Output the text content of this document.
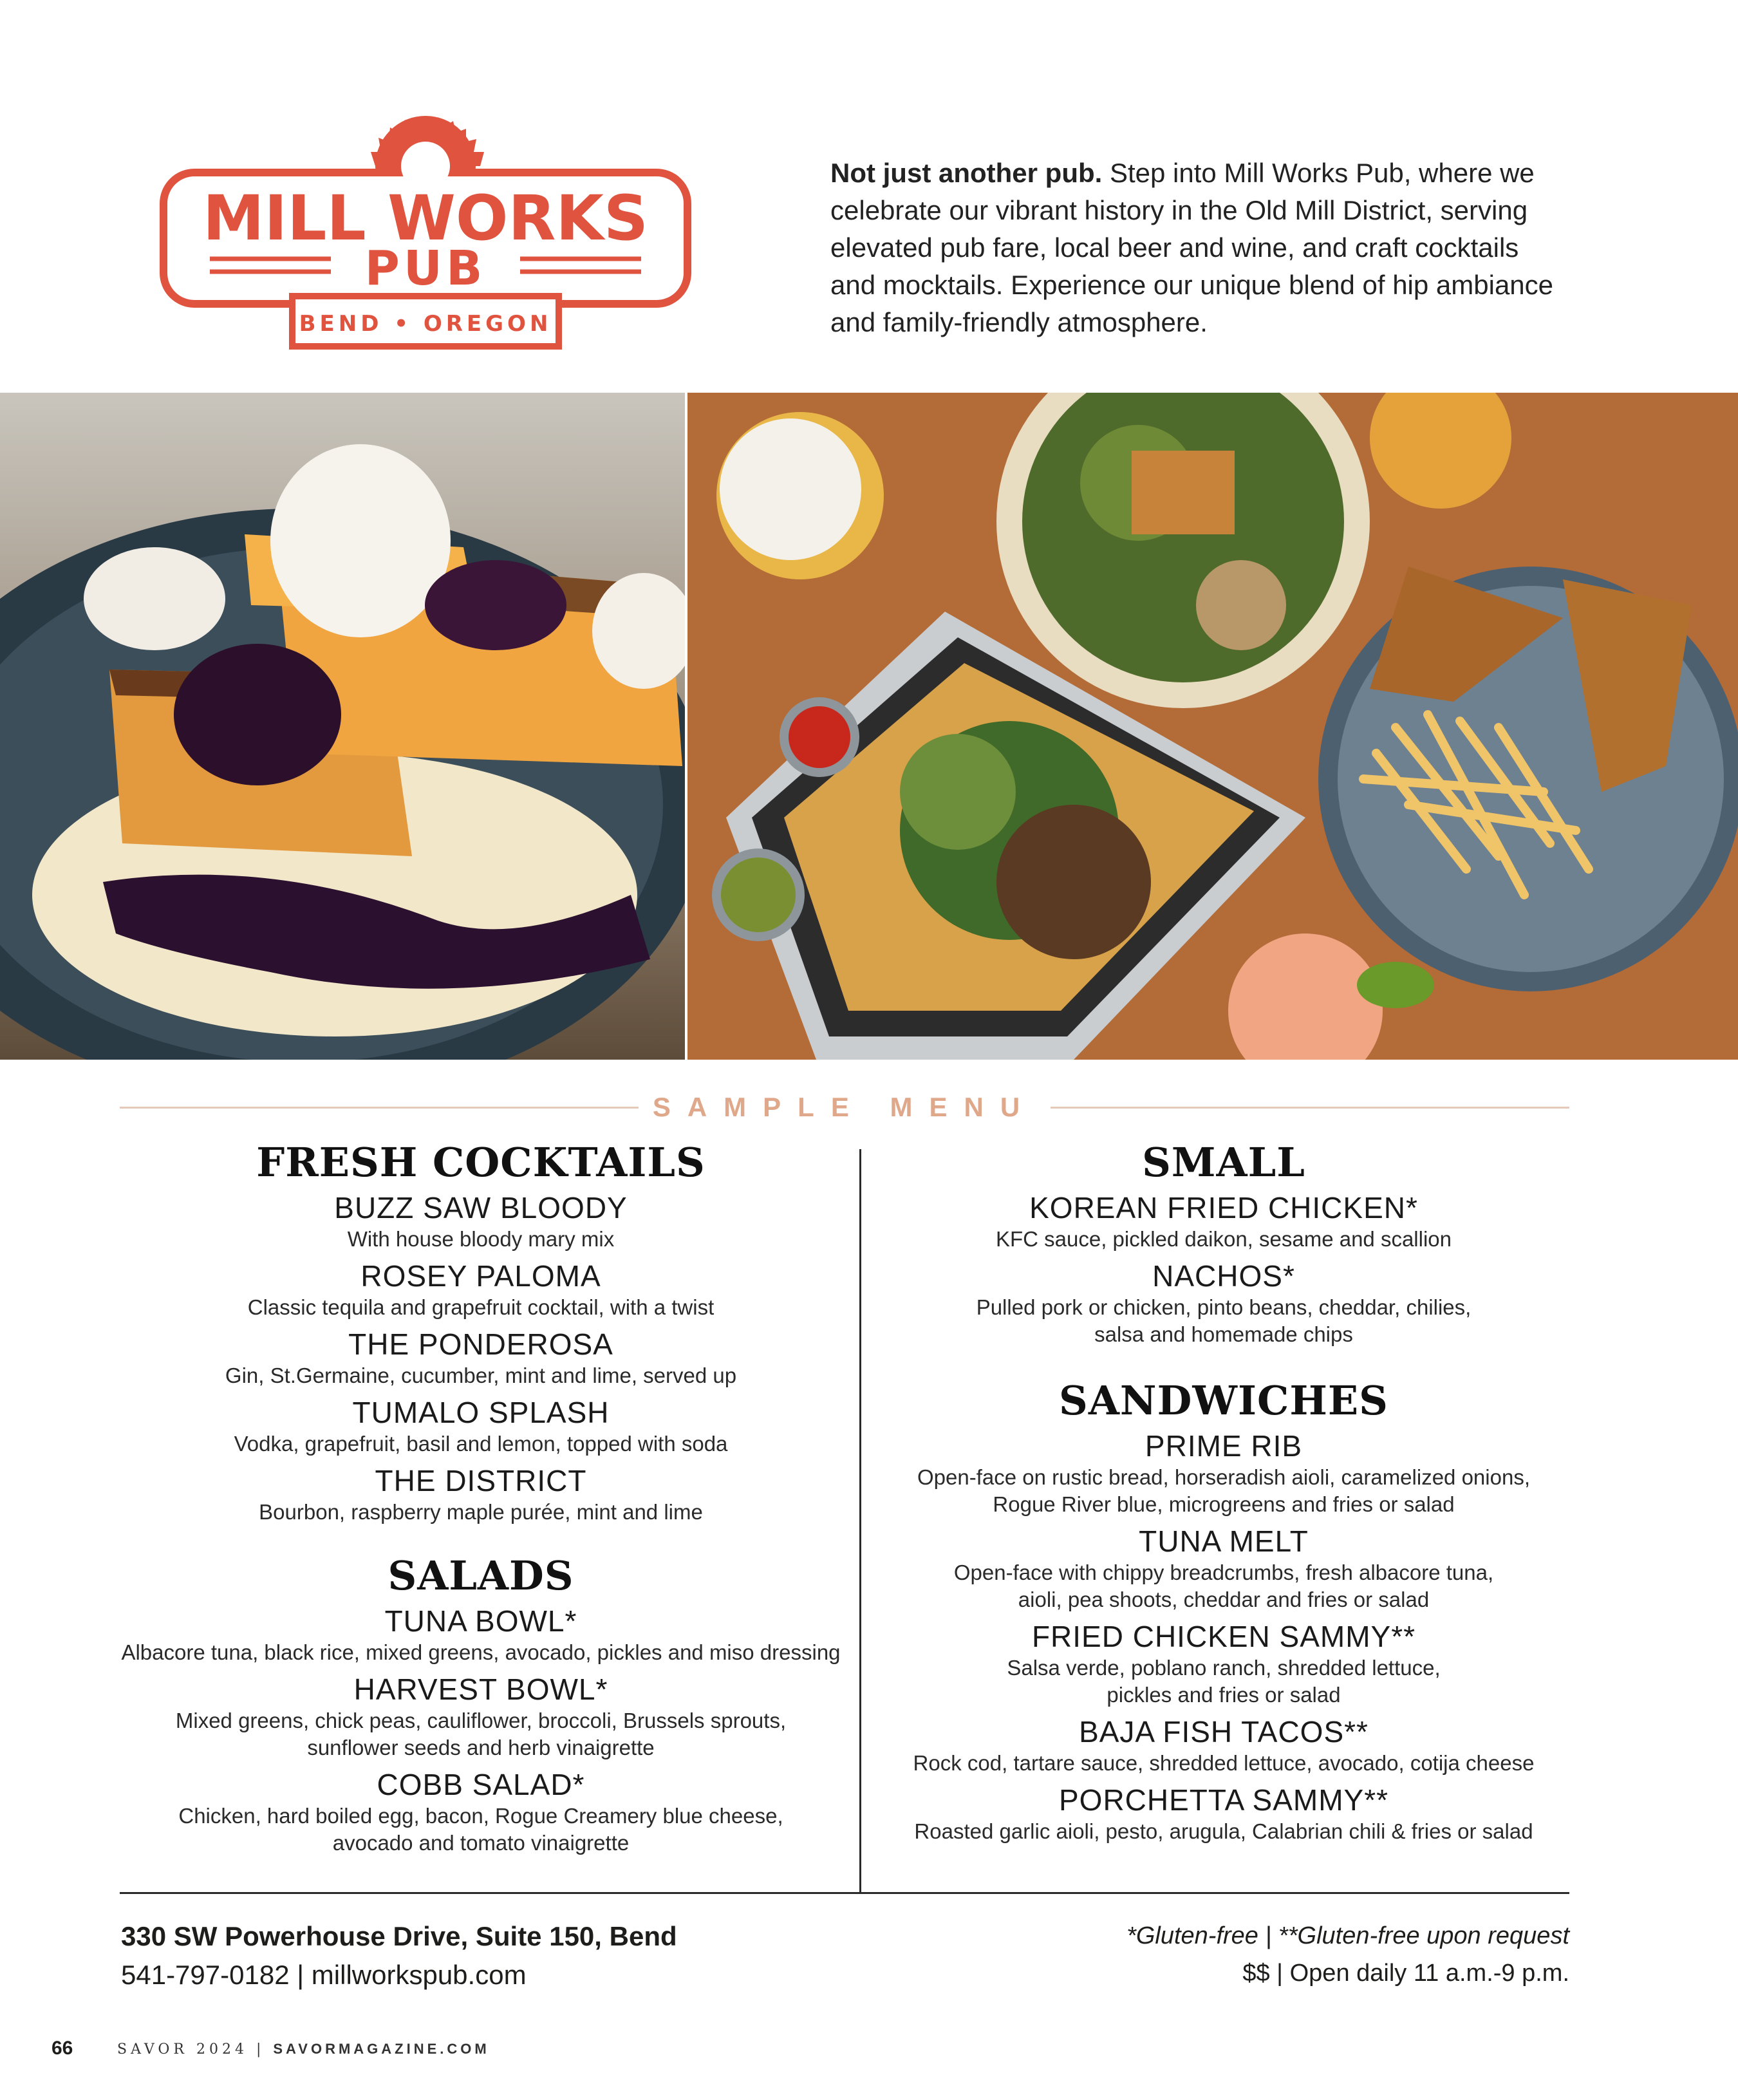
MILL WORKS
PUB
BEND • OREGON

Not just another pub. Step into Mill Works Pub, where we celebrate our vibrant history in the Old Mill District, serving elevated pub fare, local beer and wine, and craft cocktails and mocktails. Experience our unique blend of hip ambiance and family-friendly atmosphere.

SAMPLE MENU
FRESH COCKTAILS
BUZZ SAW BLOODY
With house bloody mary mix
ROSEY PALOMA
Classic tequila and grapefruit cocktail, with a twist
THE PONDEROSA
Gin, St.Germaine, cucumber, mint and lime, served up
TUMALO SPLASH
Vodka, grapefruit, basil and lemon, topped with soda
THE DISTRICT
Bourbon, raspberry maple purée, mint and lime
SALADS
TUNA BOWL*
Albacore tuna, black rice, mixed greens, avocado, pickles and miso dressing
HARVEST BOWL*
Mixed greens, chick peas, cauliflower, broccoli, Brussels sprouts,
sunflower seeds and herb vinaigrette
COBB SALAD*
Chicken, hard boiled egg, bacon, Rogue Creamery blue cheese,
avocado and tomato vinaigrette
SMALL
KOREAN FRIED CHICKEN*
KFC sauce, pickled daikon, sesame and scallion
NACHOS*
Pulled pork or chicken, pinto beans, cheddar, chilies,
salsa and homemade chips
SANDWICHES
PRIME RIB
Open-face on rustic bread, horseradish aioli, caramelized onions,
Rogue River blue, microgreens and fries or salad
TUNA MELT
Open-face with chippy breadcrumbs, fresh albacore tuna,
aioli, pea shoots, cheddar and fries or salad
FRIED CHICKEN SAMMY**
Salsa verde, poblano ranch, shredded lettuce,
pickles and fries or salad
BAJA FISH TACOS**
Rock cod, tartare sauce, shredded lettuce, avocado, cotija cheese
PORCHETTA SAMMY**
Roasted garlic aioli, pesto, arugula, Calabrian chili & fries or salad
330 SW Powerhouse Drive, Suite 150, Bend
541-797-0182 | millworkspub.com
*Gluten-free | **Gluten-free upon request
$$ | Open daily 11 a.m.-9 p.m.
66	SAVOR 2024 | SAVORMAGAZINE.COM
